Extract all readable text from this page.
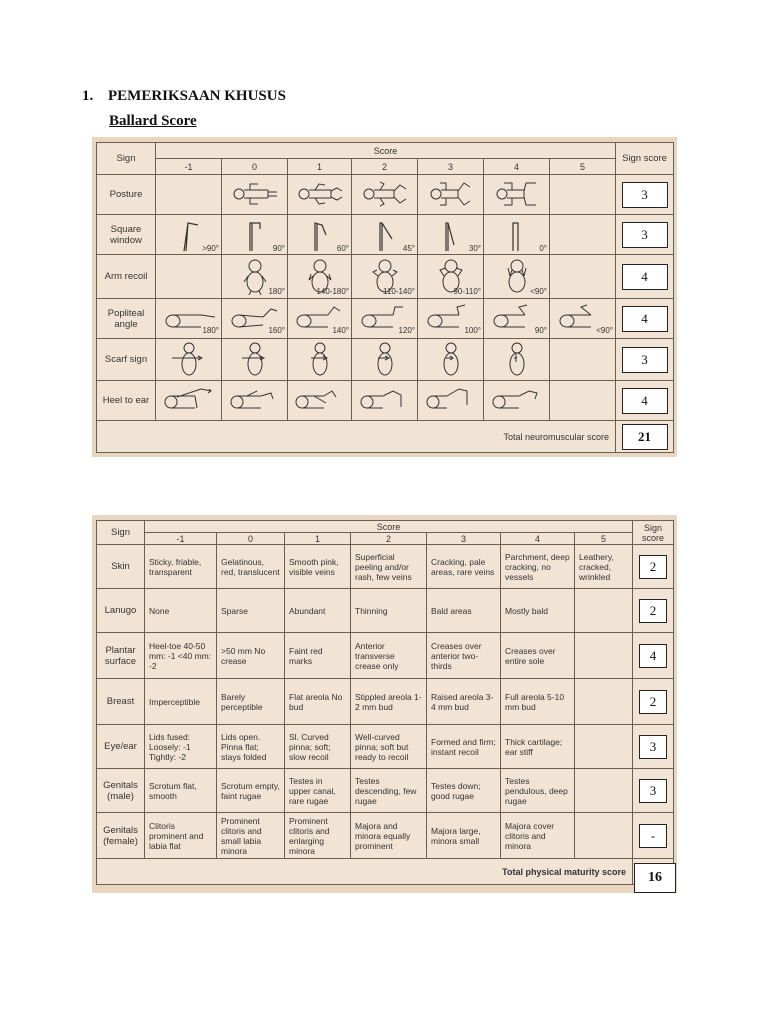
1. PEMERIKSAAN KHUSUS
Ballard Score
Sign	Score							Sign score
	-1	0	1	2	3	4	5	
Posture								3
Square window	>90°	90°	60°	45°	30°	0°		3
Arm recoil		180°	140-180°	110-140°	90-110°	<90°		4
Popliteal angle	180°	160°	140°	120°	100°	90°	<90°	4
Scarf sign								3
Heel to ear								4
Total neuromuscular score								21
Sign	Score							Sign score
	-1	0	1	2	3	4	5	
Skin	Sticky, friable, transparent	Gelatinous, red, translucent	Smooth pink, visible veins	Superficial peeling and/or rash, few veins	Cracking, pale areas, rare veins	Parchment, deep cracking, no vessels	Leathery, cracked, wrinkled	2
Lanugo	None	Sparse	Abundant	Thinning	Bald areas	Mostly bald		2
Plantar surface	Heel-toe 40-50 mm: -1 <40 mm: -2	>50 mm No crease	Faint red marks	Anterior transverse crease only	Creases over anterior two-thirds	Creases over entire sole		4
Breast	Imperceptible	Barely perceptible	Flat areola No bud	Stippled areola 1-2 mm bud	Raised areola 3-4 mm bud	Full areola 5-10 mm bud		2
Eye/ear	Lids fused: Loosely: -1 Tightly: -2	Lids open. Pinna flat; stays folded	Sl. Curved pinna; soft; slow recoil	Well-curved pinna; soft but ready to recoil	Formed and firm; instant recoil	Thick cartilage; ear stiff		3
Genitals (male)	Scrotum flat, smooth	Scrotum empty, faint rugae	Testes in upper canal, rare rugae	Testes descending, few rugae	Testes down; good rugae	Testes pendulous, deep rugae		3
Genitals (female)	Clitoris prominent and labia flat	Prominent clitoris and small labia minora	Prominent clitoris and enlarging minora	Majora and minora equally prominent	Majora large, minora small	Majora cover clitoris and minora		-
Total physical maturity score									16
